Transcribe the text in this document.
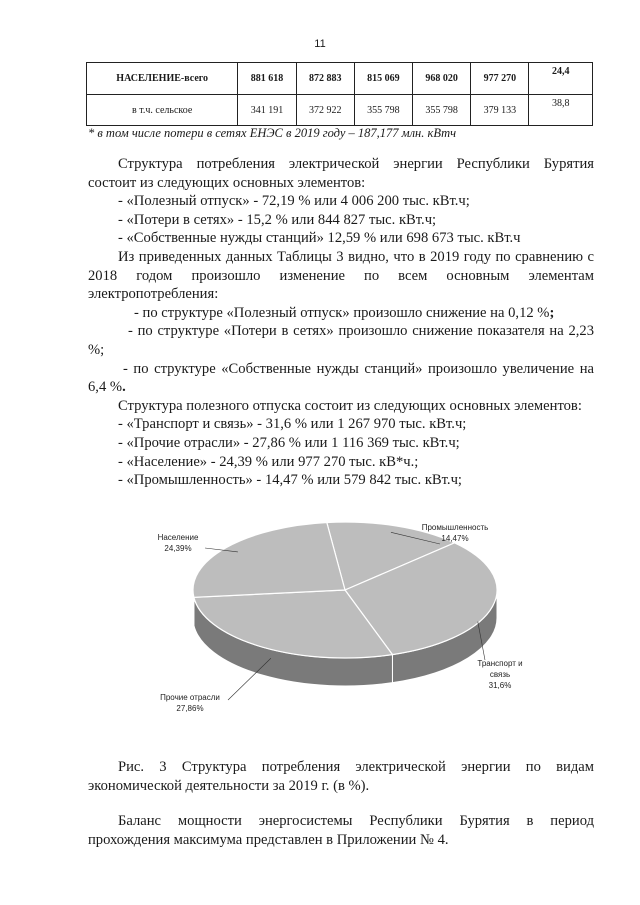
11
НАСЕЛЕНИЕ-всего	881 618	872 883	815 069	968 020	977 270	24,4
в т.ч. сельское	341 191	372 922	355 798	355 798	379 133	38,8
* в том числе потери в сетях ЕНЭС в 2019 году – 187,177 млн. кВтч

Структура потребления электрической энергии Республики Бурятия состоит из следующих основных элементов:

- «Полезный отпуск» - 72,19 % или 4 006 200 тыс. кВт.ч;

- «Потери в сетях» - 15,2 % или 844 827 тыс. кВт.ч;

- «Собственные нужды станций» 12,59 % или 698 673 тыс. кВт.ч

Из приведенных данных Таблицы 3 видно, что в 2019 году по сравнению с 2018 годом произошло изменение по всем основным элементам электропотребления:

- по структуре «Полезный отпуск» произошло снижение на 0,12 %;

- по структуре «Потери в сетях» произошло снижение показателя на 2,23 %;

- по структуре «Собственные нужды станций» произошло увеличение на 6,4 %.

Структура полезного отпуска состоит из следующих основных элементов:

- «Транспорт и связь» - 31,6 % или 1 267 970 тыс. кВт.ч;

- «Прочие отрасли» - 27,86 % или 1 116 369 тыс. кВт.ч;

- «Население» - 24,39 % или 977 270 тыс. кВ*ч.;

- «Промышленность» - 14,47 % или 579 842 тыс. кВт.ч;

Промышленность
14,47%
Транспорт и
связь
31,6%
Прочие отрасли
27,86%
Население
24,39%
Рис. 3 Структура потребления электрической энергии по видам экономической деятельности за 2019 г. (в %).
Баланс мощности энергосистемы Республики Бурятия в период прохождения максимума представлен в Приложении № 4.
